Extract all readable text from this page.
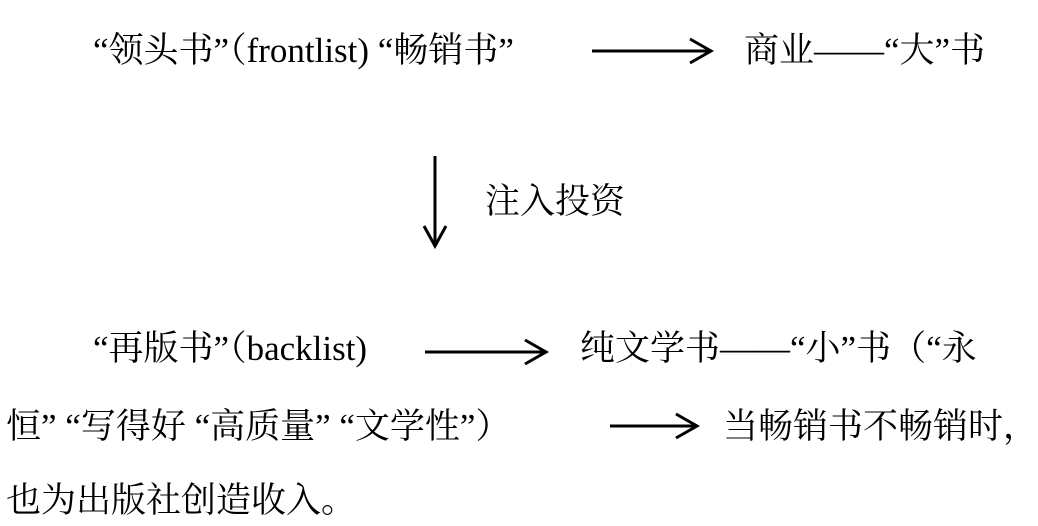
“领头书”（frontlist) “畅销书”	商业——“大”书
注入投资
“再版书”（backlist)	纯文学书——“小”书（“永
恒” “写得好 “高质量” “文学性”）	当畅销书不畅销时，
也为出版社创造收入。
